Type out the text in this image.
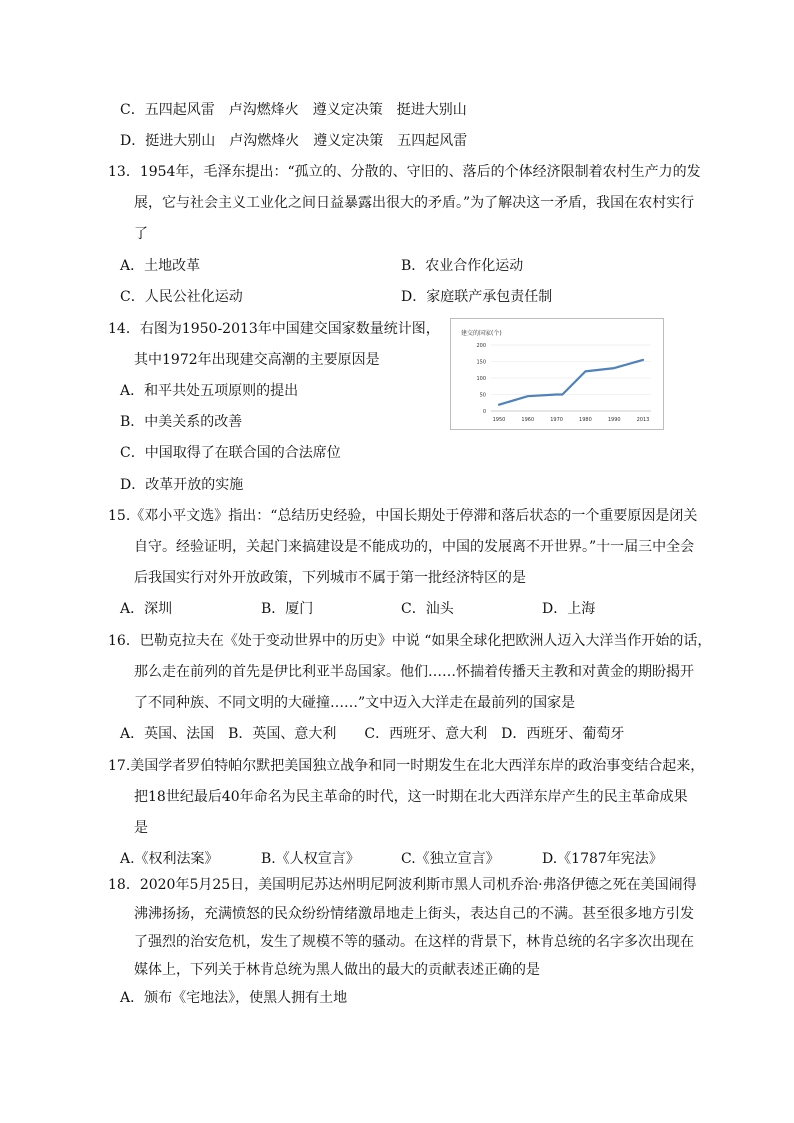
C．五四起风雷　卢沟燃烽火　遵义定决策　挺进大别山
D．挺进大别山　卢沟燃烽火　遵义定决策　五四起风雷
13．1954年，毛泽东提出：“孤立的、分散的、守旧的、落后的个体经济限制着农村生产力的发
展，它与社会主义工业化之间日益暴露出很大的矛盾。”为了解决这一矛盾，我国在农村实行
了
A．土地改革	B．农业合作化运动
C．人民公社化运动	D．家庭联产承包责任制
14．右图为1950-2013年中国建交国家数量统计图，
其中1972年出现建交高潮的主要原因是
A．和平共处五项原则的提出
B．中美关系的改善
C．中国取得了在联合国的合法席位
D．改革开放的实施
建交的国家(个)
200
150
100
50
0
1950	1960	1970	1980	1990	2013
15.《邓小平文选》指出：“总结历史经验，中国长期处于停滞和落后状态的一个重要原因是闭关
自守。经验证明，关起门来搞建设是不能成功的，中国的发展离不开世界。”十一届三中全会
后我国实行对外开放政策，下列城市不属于第一批经济特区的是
A．深圳	B．厦门	C．汕头	D．上海
16．巴勒克拉夫在《处于变动世界中的历史》中说 “如果全球化把欧洲人迈入大洋当作开始的话，
那么走在前列的首先是伊比利亚半岛国家。他们……怀揣着传播天主教和对黄金的期盼揭开
了不同种族、不同文明的大碰撞……”文中迈入大洋走在最前列的国家是
A．英国、法国　B．英国、意大利　　C．西班牙、意大利　D．西班牙、葡萄牙
17.美国学者罗伯特帕尔默把美国独立战争和同一时期发生在北大西洋东岸的政治事变结合起来，
把18世纪最后40年命名为民主革命的时代，这一时期在北大西洋东岸产生的民主革命成果
是
A.《权利法案》	B.《人权宣言》	C.《独立宣言》	D.《1787年宪法》
18．2020年5月25日，美国明尼苏达州明尼阿波利斯市黑人司机乔治·弗洛伊德之死在美国闹得
沸沸扬扬，充满愤怒的民众纷纷情绪激昂地走上街头，表达自己的不满。甚至很多地方引发
了强烈的治安危机，发生了规模不等的骚动。在这样的背景下，林肯总统的名字多次出现在
媒体上，下列关于林肯总统为黑人做出的最大的贡献表述正确的是
A．颁布《宅地法》，使黑人拥有土地
